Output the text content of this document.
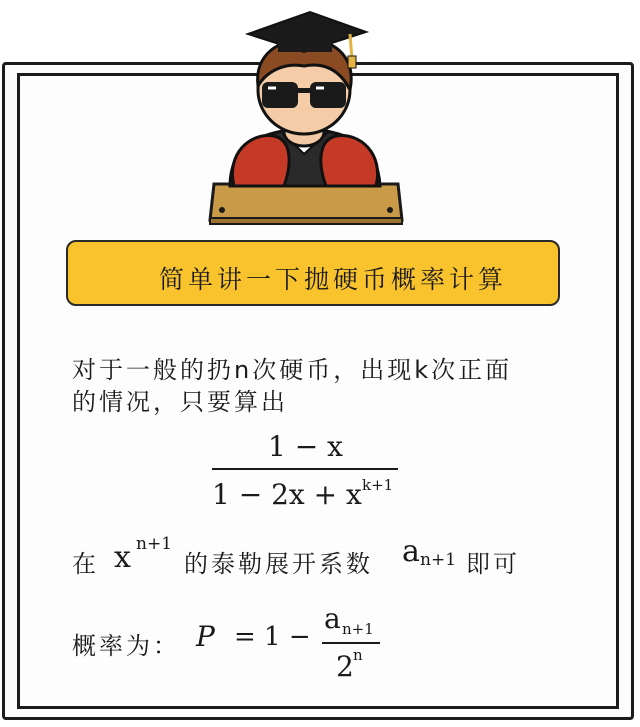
简单讲一下抛硬币概率计算
对于一般的扔n次硬币，出现k次正面
的情况，只要算出
1 − x
1 − 2x + x k+1
在 x n+1
的泰勒展开系数 a n+1 即可
概率为： P = 1 −
a n+1
2 n
